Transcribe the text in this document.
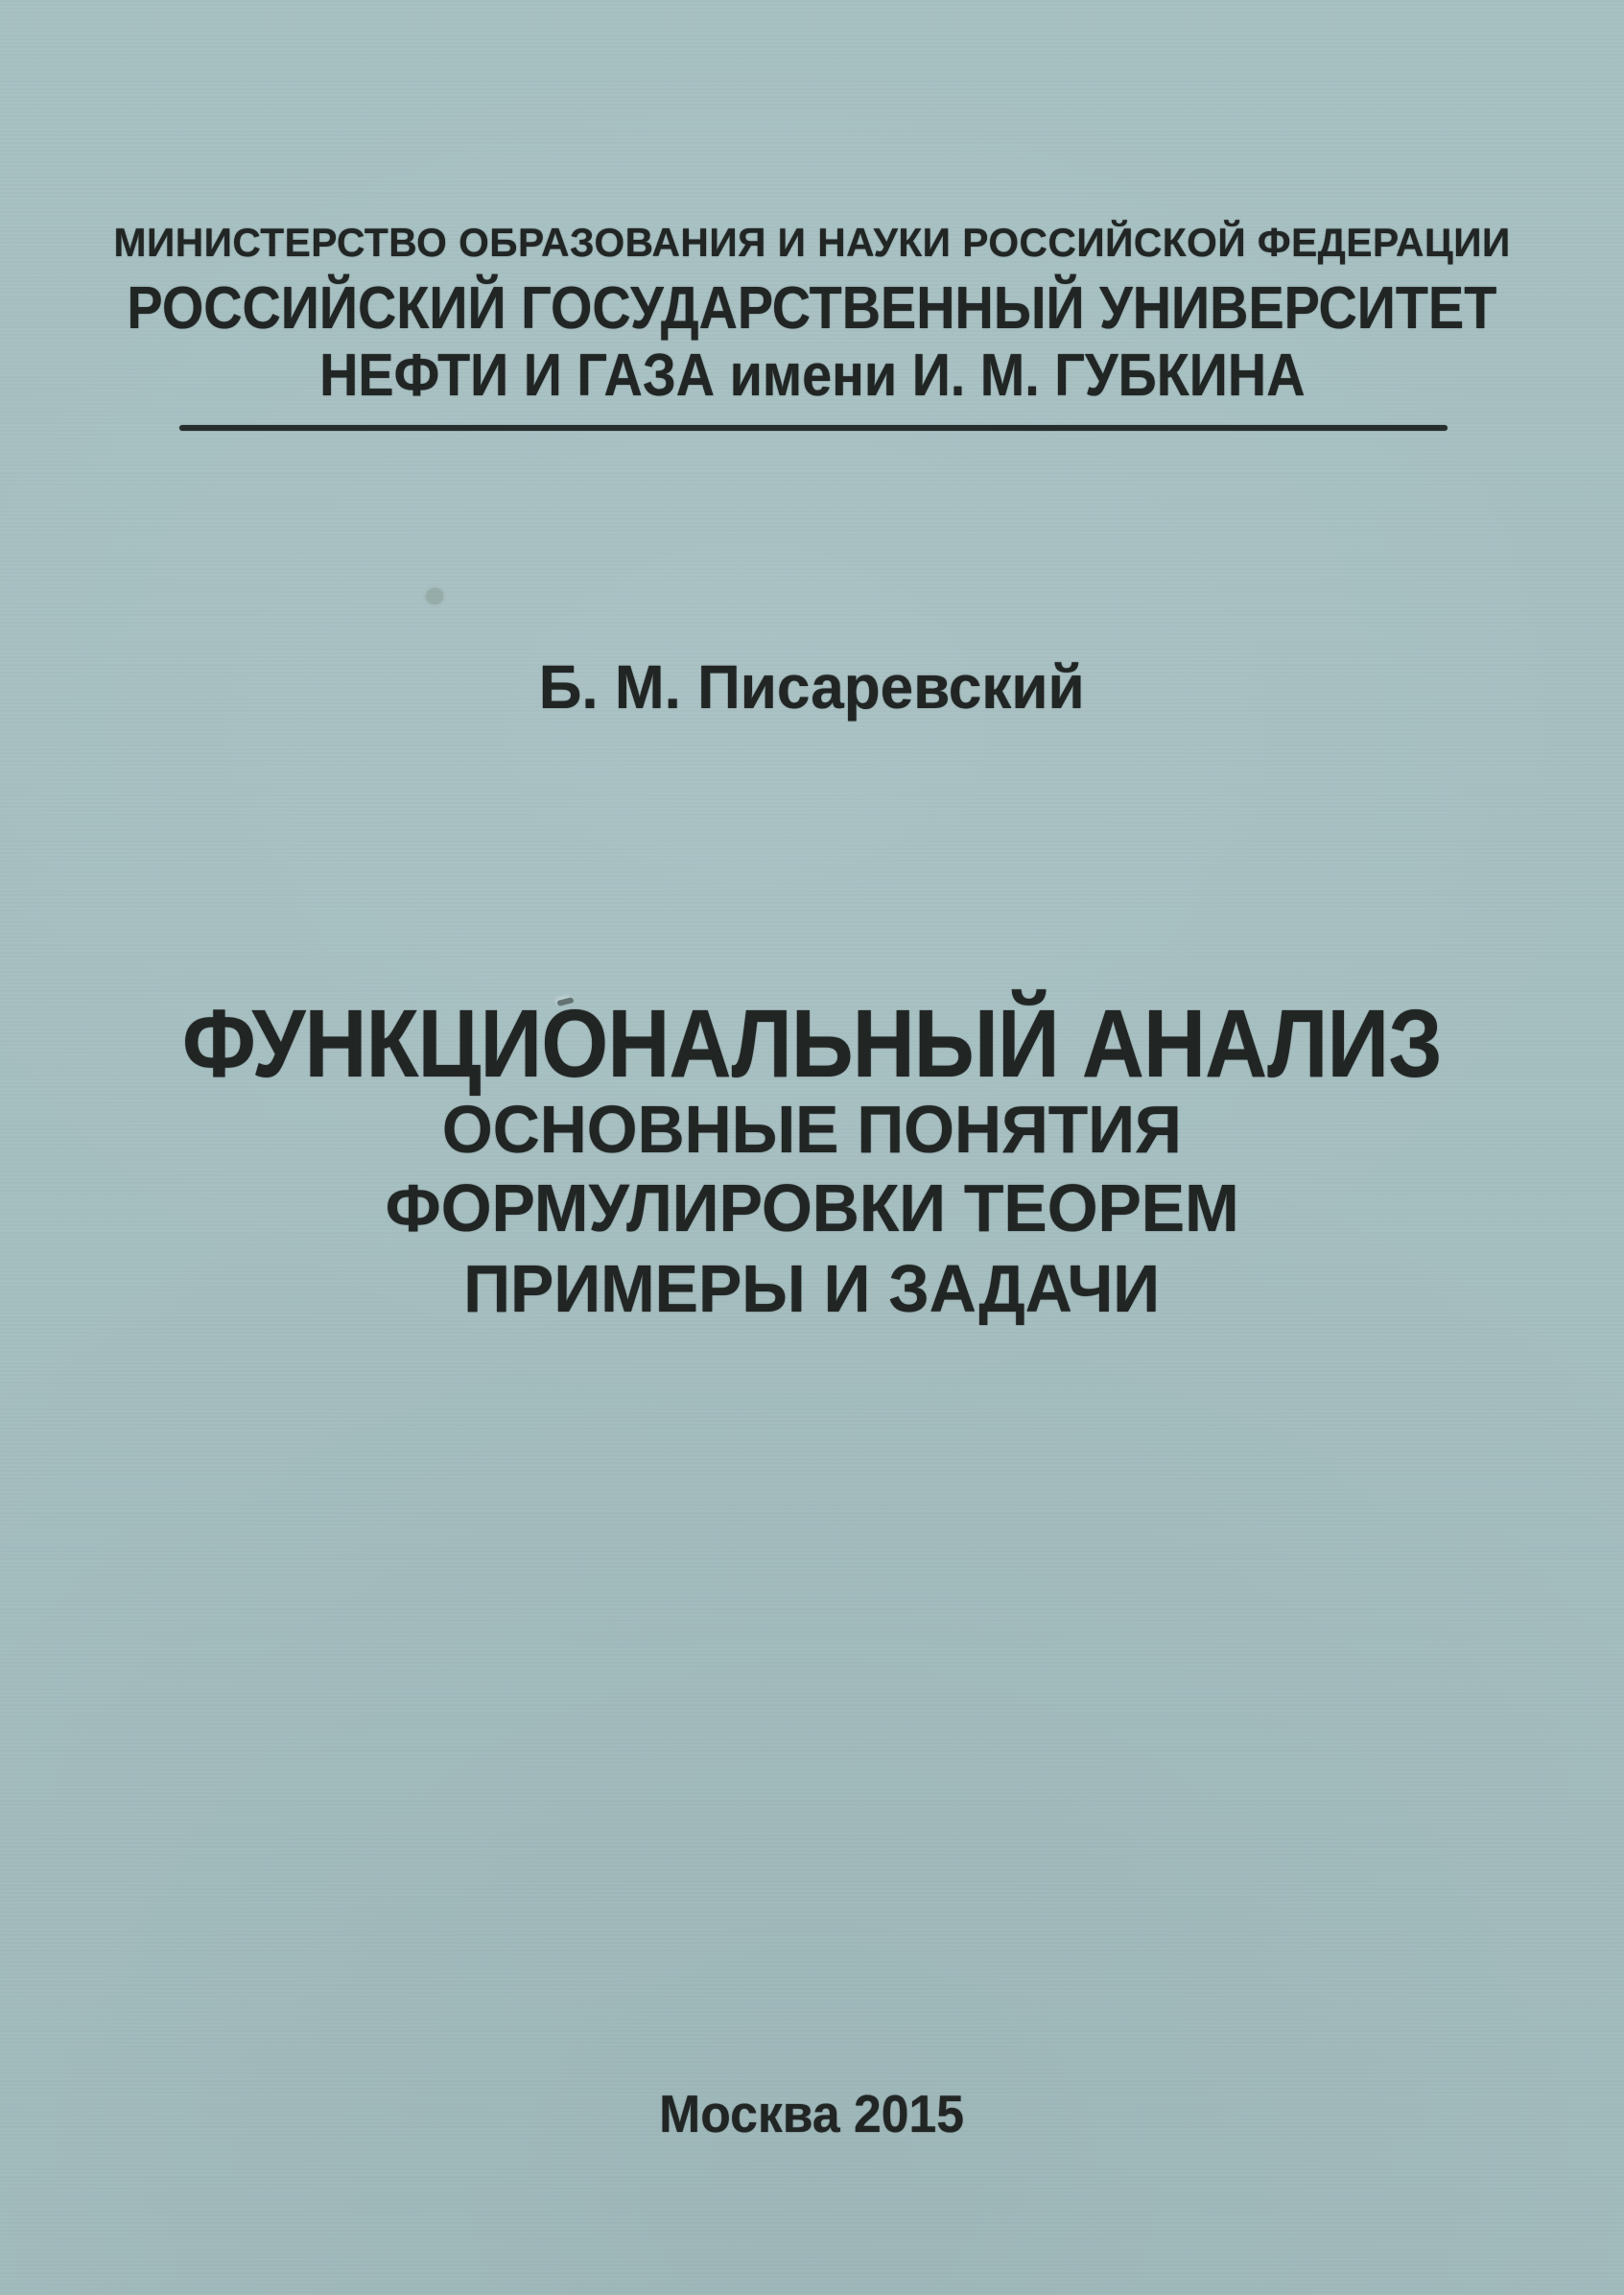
МИНИСТЕРСТВО ОБРАЗОВАНИЯ И НАУКИ РОССИЙСКОЙ ФЕДЕРАЦИИ
РОССИЙСКИЙ ГОСУДАРСТВЕННЫЙ УНИВЕРСИТЕТ
НЕФТИ И ГАЗА имени И. М. ГУБКИНА
Б. М. Писаревский
ФУНКЦИОНАЛЬНЫЙ АНАЛИЗ
ОСНОВНЫЕ ПОНЯТИЯ
ФОРМУЛИРОВКИ ТЕОРЕМ
ПРИМЕРЫ И ЗАДАЧИ
Москва 2015
